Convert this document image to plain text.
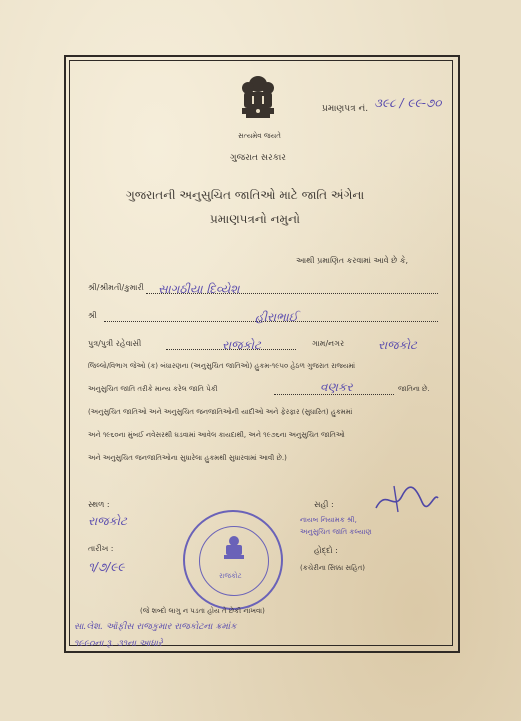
સત્યમેવ જયતે
પ્રમાણપત્ર નં. ૩૯૮ / ૯૯-૭૦
ગુજરાત સરકાર
ગુજરાતની અનુસુચિત જાતિઓ માટે જાતિ અંગેના
પ્રમાણપત્રનો નમુનો
આથી પ્રમાણિત કરવામાં આવે છે કે,
શ્રી/શ્રીમતી/કુમારી સાગઠીયા દિવ્યેશ
શ્રી	હીરાભાઈ
પુત્ર/પુત્રી રહેવાસી	રાજકોટ	ગામ/નગર	રાજકોટ
જિલ્લો/વિભાગ જેઓ (ક) બંધારણના (અનુસુચિત જાતિઓ) હુકમ-૧૯૫૦ હેઠળ ગુજરાત રાજ્યમાં
અનુસુચિત જાતિ તરીકે માન્ય કરેલ જાતિ પેકી	વણકર	જાતિના છે.
(અનુસુચિત જાતિઓ અને અનુસુચિત જનજાતિઓની યાદીઓ અને ફેરફાર (સુધારિત) હુકમમાં
અને ૧૯૬૦ના મુંબઈ નવેસરથી ઘડવામાં આવેલ કાયદાથી, અને ૧૯૭૬ના અનુસુચિત જાતિઓ
અને અનુસુચિત જનજાતિઓના સુધારેલા હુકમથી સુધારવામાં આવી છે.)
સ્થળ :
રાજકોટ
તારીખ :
૧/૭/૯૯
સહી :
નાયબ નિયામક શ્રી,
અનુસુચિત જાતિ કલ્યાણ
હોદ્દો :
(કચેરીના સિક્કા સહિત)
રાજકોટ
(જે શબ્દો લાગુ ન પડતા હોય તે છેકી નાંખવા)
સા.લેશ. ઑફીસ રાજકુમાર રાજકોટના ક્રમાંક
૧૯૯૦ના રૂ. ૩૧ના આધારે
